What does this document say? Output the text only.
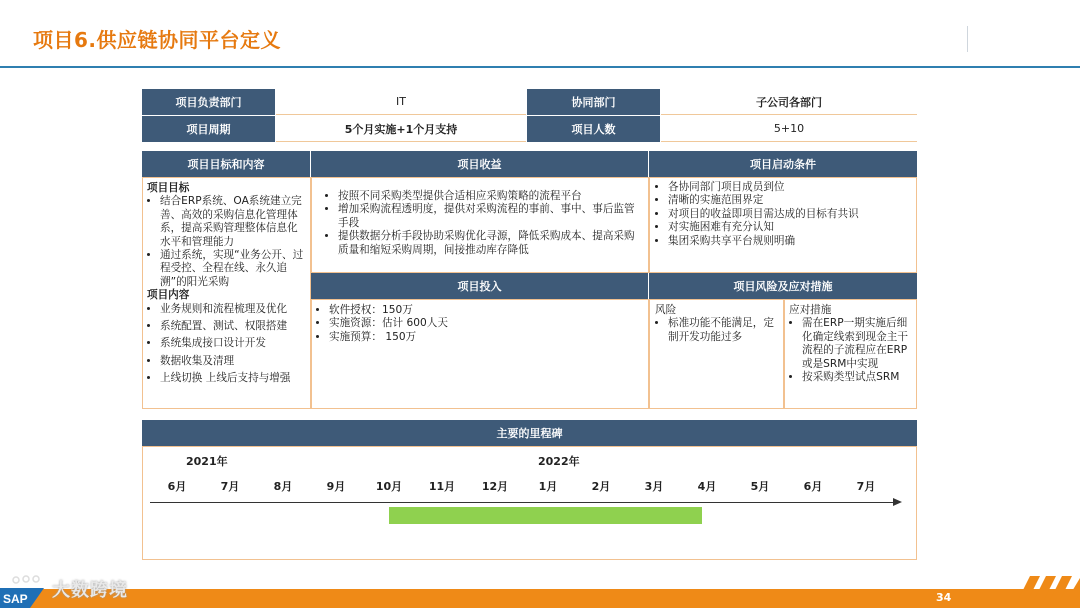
项目6.供应链协同平台定义
项目负责部门	IT	协同部门	子公司各部门
项目周期	5个月实施+1个月支持	项目人数	5+10
项目目标和内容
项目目标
• 结合ERP系统、OA系统建立完善、高效的采购信息化管理体系，提高采购管理整体信息化水平和管理能力
• 通过系统，实现“业务公开、过程受控、全程在线、永久追溯”的阳光采购
项目内容
• 业务规则和流程梳理及优化
• 系统配置、测试、权限搭建
• 系统集成接口设计开发
• 数据收集及清理
• 上线切换 上线后支持与增强
项目收益
• 按照不同采购类型提供合适相应采购策略的流程平台
• 增加采购流程透明度，提供对采购流程的事前、事中、事后监管手段
• 提供数据分析手段协助采购优化寻源，降低采购成本、提高采购质量和缩短采购周期，间接推动库存降低
项目启动条件
• 各协同部门项目成员到位
• 清晰的实施范围界定
• 对项目的收益即项目需达成的目标有共识
• 对实施困难有充分认知
• 集团采购共享平台规则明确
项目投入
• 软件授权：150万
• 实施资源：估计 600人天
• 实施预算： 150万
项目风险及应对措施
风险
• 标准功能不能满足，定制开发功能过多
应对措施
• 需在ERP一期实施后细化确定线索到现金主干流程的子流程应在ERP或是SRM中实现
• 按采购类型试点SRM
主要的里程碑
2021年	2022年
6月	7月	8月	9月	10月 11月 12月	1月	2月	3月	4月	5月	6月	7月
34
SAP 大数跨境
